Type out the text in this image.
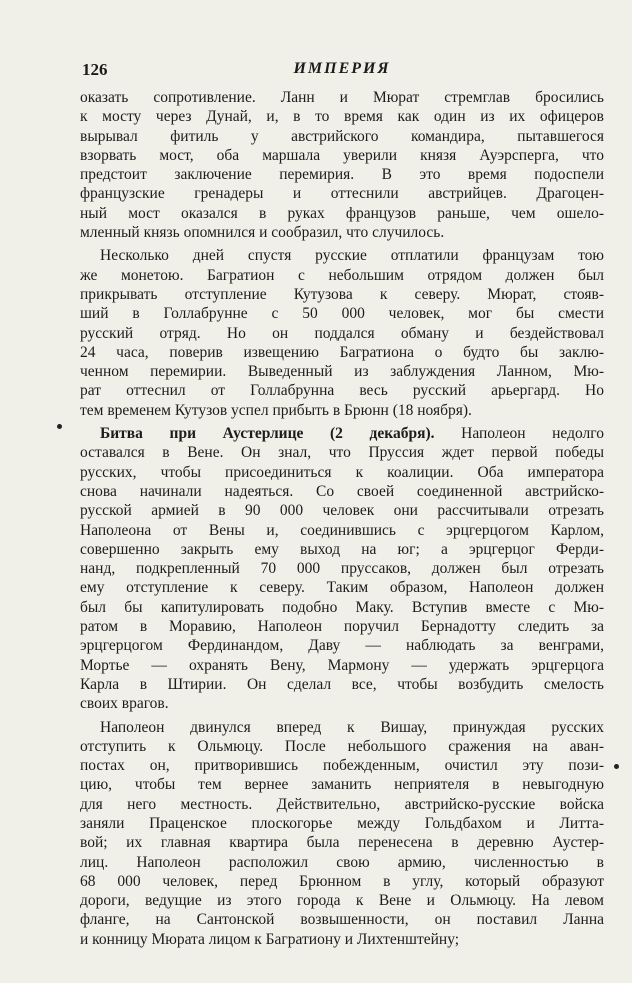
126	ИМПЕРИЯ
оказать сопротивление. Ланн и Мюрат стремглав бросились
к мосту через Дунай, и, в то время как один из их офицеров
вырывал фитиль у австрийского командира, пытавшегося
взорвать мост, оба маршала уверили князя Ауэрсперга, что
предстоит заключение перемирия. В это время подоспели
французские гренадеры и оттеснили австрийцев. Драгоцен-
ный мост оказался в руках французов раньше, чем ошело-
мленный князь опомнился и сообразил, что случилось.
Несколько дней спустя русские отплатили французам тою
же монетою. Багратион с небольшим отрядом должен был
прикрывать отступление Кутузова к северу. Мюрат, стояв-
ший в Голлабрунне с 50 000 человек, мог бы смести
русский отряд. Но он поддался обману и бездействовал
24 часа, поверив извещению Багратиона о будто бы заклю-
ченном перемирии. Выведенный из заблуждения Ланном, Мю-
рат оттеснил от Голлабрунна весь русский арьергард. Но
тем временем Кутузов успел прибыть в Брюнн (18 ноября).
Битва при Аустерлице (2 декабря). Наполеон недолго
оставался в Вене. Он знал, что Пруссия ждет первой победы
русских, чтобы присоединиться к коалиции. Оба императора
снова начинали надеяться. Со своей соединенной австрийско-
русской армией в 90 000 человек они рассчитывали отрезать
Наполеона от Вены и, соединившись с эрцгерцогом Карлом,
совершенно закрыть ему выход на юг; а эрцгерцог Ферди-
нанд, подкрепленный 70 000 пруссаков, должен был отрезать
ему отступление к северу. Таким образом, Наполеон должен
был бы капитулировать подобно Маку. Вступив вместе с Мю-
ратом в Моравию, Наполеон поручил Бернадотту следить за
эрцгерцогом Фердинандом, Даву — наблюдать за венграми,
Мортье — охранять Вену, Мармону — удержать эрцгерцога
Карла в Штирии. Он сделал все, чтобы возбудить смелость
своих врагов.
Наполеон двинулся вперед к Вишау, принуждая русских
отступить к Ольмюцу. После небольшого сражения на аван-
постах он, притворившись побежденным, очистил эту пози-
цию, чтобы тем вернее заманить неприятеля в невыгодную
для него местность. Действительно, австрийско-русские войска
заняли Праценское плоскогорье между Гольдбахом и Литта-
вой; их главная квартира была перенесена в деревню Аустер-
лиц. Наполеон расположил свою армию, численностью в
68 000 человек, перед Брюнном в углу, который образуют
дороги, ведущие из этого города к Вене и Ольмюцу. На левом
фланге, на Сантонской возвышенности, он поставил Ланна
и конницу Мюрата лицом к Багратиону и Лихтенштейну;
